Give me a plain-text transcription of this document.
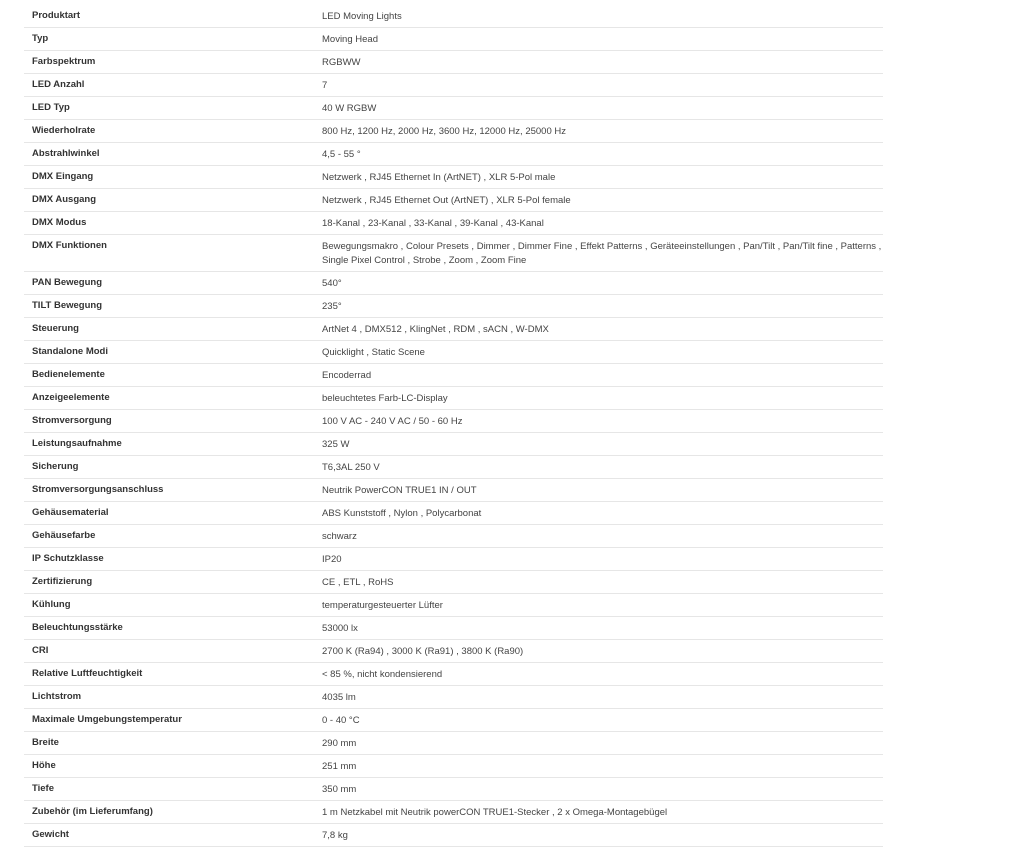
Produktart	LED Moving Lights
Typ	Moving Head
Farbspektrum	RGBWW
LED Anzahl	7
LED Typ	40 W RGBW
Wiederholrate	800 Hz, 1200 Hz, 2000 Hz, 3600 Hz, 12000 Hz, 25000 Hz
Abstrahlwinkel	4,5 - 55 °
DMX Eingang	Netzwerk , RJ45 Ethernet In (ArtNET) , XLR 5-Pol male
DMX Ausgang	Netzwerk , RJ45 Ethernet Out (ArtNET) , XLR 5-Pol female
DMX Modus	18-Kanal , 23-Kanal , 33-Kanal , 39-Kanal , 43-Kanal
DMX Funktionen	Bewegungsmakro , Colour Presets , Dimmer , Dimmer Fine , Effekt Patterns , Geräteeinstellungen , Pan/Tilt , Pan/Tilt fine , Patterns , Single Pixel Control , Strobe , Zoom , Zoom Fine
PAN Bewegung	540°
TILT Bewegung	235°
Steuerung	ArtNet 4 , DMX512 , KlingNet , RDM , sACN , W-DMX
Standalone Modi	Quicklight , Static Scene
Bedienelemente	Encoderrad
Anzeigeelemente	beleuchtetes Farb-LC-Display
Stromversorgung	100 V AC - 240 V AC / 50 - 60 Hz
Leistungsaufnahme	325 W
Sicherung	T6,3AL 250 V
Stromversorgungsanschluss	Neutrik PowerCON TRUE1 IN / OUT
Gehäusematerial	ABS Kunststoff , Nylon , Polycarbonat
Gehäusefarbe	schwarz
IP Schutzklasse	IP20
Zertifizierung	CE , ETL , RoHS
Kühlung	temperaturgesteuerter Lüfter
Beleuchtungsstärke	53000 lx
CRI	2700 K (Ra94) , 3000 K (Ra91) , 3800 K (Ra90)
Relative Luftfeuchtigkeit	< 85 %, nicht kondensierend
Lichtstrom	4035 lm
Maximale Umgebungstemperatur	0 - 40 °C
Breite	290 mm
Höhe	251 mm
Tiefe	350 mm
Zubehör (im Lieferumfang)	1 m Netzkabel mit Neutrik powerCON TRUE1-Stecker , 2 x Omega-Montagebügel
Gewicht	7,8 kg
